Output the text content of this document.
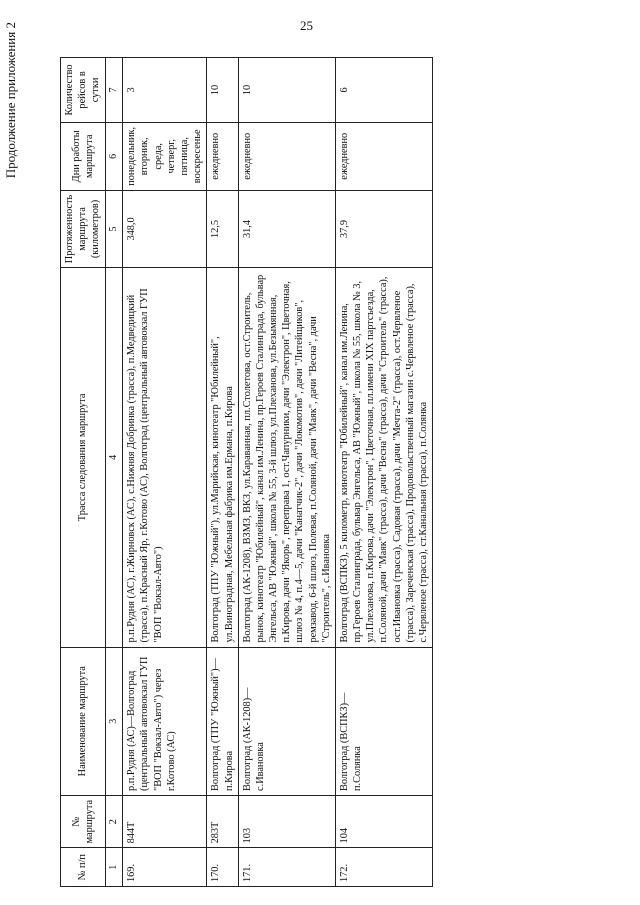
25
Продолжение приложения 2
№ п/п	№ маршрута	Наименование маршрута	Трасса следования маршрута	Протяженность маршрута (километров)	Дни работы маршрута	Количество рейсов в сутки
1	2	3	4	5	6	7
169.	844Т	р.п.Рудня (АС)—Волгоград (центральный автовокзал ГУП "ВОП "Вокзал-Авто") через г.Котово (АС)	р.п.Рудня (АС), г.Жирновск (АС), с.Нижняя Добринка (трасса), п.Медведицкий (трасса), п.Красный Яр, г.Котово (АС), Волгоград (центральный автовокзал ГУП "ВОП "Вокзал-Авто")	348,0	понедельник, вторник, среда, четверг, пятница, воскресенье	3
170.	283Т	Волгоград (ТПУ "Южный")—п.Кирова	Волгоград (ТПУ "Южный"), ул.Марийская, кинотеатр "Юбилейный", ул.Виноградная, Мебельная фабрика им.Ермана, п.Кирова	12,5	ежедневно	10
171.	103	Волгоград (АК-1208)—с.Ивановка	Волгоград (АК-1208), ВЗМЗ, ВКЗ, ул.Караванная, пл.Столетова, ост.Строитель, рынок, кинотеатр "Юбилейный", канал им.Ленина, пр.Героев Сталинграда, бульвар Энгельса, АВ "Южный", школа № 55, 3-й шлюз, ул.Плеханова, ул.Безымянная, п.Кирова, дачи "Якорь", переправа 1, ост.Чапурники, дачи "Электрон", Цветочная, шлюз № 4, п.4—5, дачи "Канатчик-2", дачи "Локомотив", дачи "Литейщиков", ремзавод, 6-й шлюз, Полевая, п.Соляной, дачи "Маяк", дачи "Весна", дачи "Строитель", с.Ивановка	31,4	ежедневно	10
172.	104	Волгоград (ВСПКЗ)—п.Солянка	Волгоград (ВСПКЗ), 5 километр, кинотеатр "Юбилейный", канал им.Ленина, пр.Героев Сталинграда, бульвар Энгельса, АВ "Южный", школа № 55, школа № 3, ул.Плеханова, п.Кирова, дачи "Электрон", Цветочная, пл.имени XIX партсъезда, п.Соляной, дачи "Маяк" (трасса), дачи "Весна" (трасса), дачи "Строитель" (трасса), ост.Ивановка (трасса), Садовая (трасса), дачи "Мечта-2" (трасса), ост.Червленое (трасса), Зареченская (трасса), Продовольственный магазин с.Червленое (трасса), с.Червленое (трасса), ст.Канальная (трасса), п.Солянка	37,9	ежедневно	6
